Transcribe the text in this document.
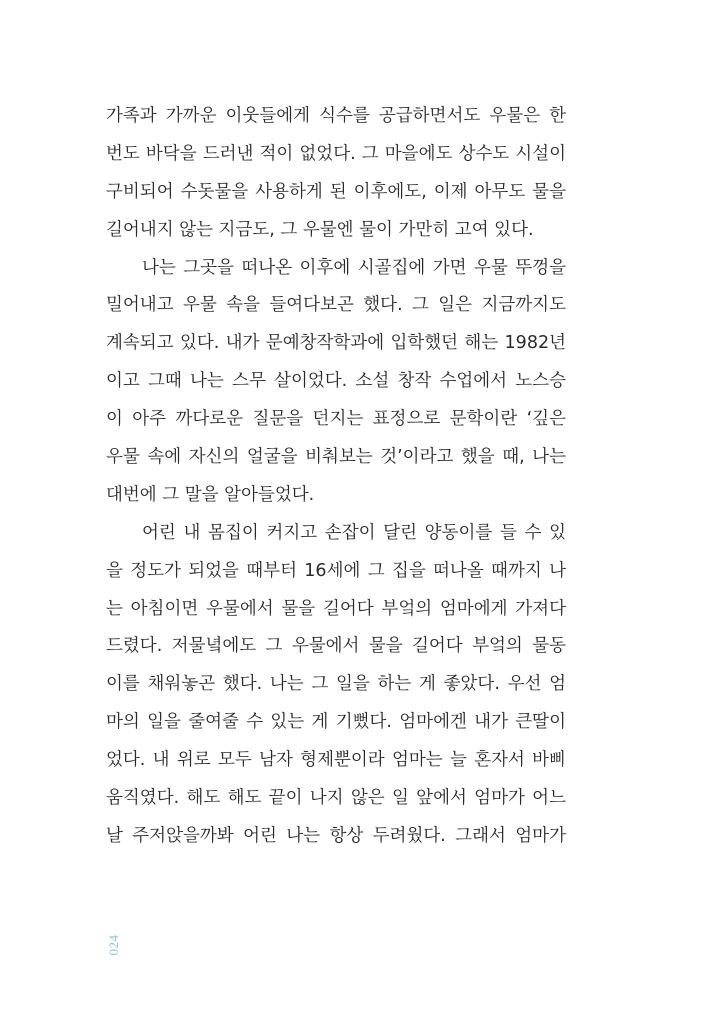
가족과 가까운 이웃들에게 식수를 공급하면서도 우물은 한
번도 바닥을 드러낸 적이 없었다. 그 마을에도 상수도 시설이
구비되어 수돗물을 사용하게 된 이후에도, 이제 아무도 물을
길어내지 않는 지금도, 그 우물엔 물이 가만히 고여 있다.
나는 그곳을 떠나온 이후에 시골집에 가면 우물 뚜껑을
밀어내고 우물 속을 들여다보곤 했다. 그 일은 지금까지도
계속되고 있다. 내가 문예창작학과에 입학했던 해는 1982년
이고 그때 나는 스무 살이었다. 소설 창작 수업에서 노스승
이 아주 까다로운 질문을 던지는 표정으로 문학이란 ‘깊은
우물 속에 자신의 얼굴을 비춰보는 것’이라고 했을 때, 나는
대번에 그 말을 알아들었다.
어린 내 몸집이 커지고 손잡이 달린 양동이를 들 수 있
을 정도가 되었을 때부터 16세에 그 집을 떠나올 때까지 나
는 아침이면 우물에서 물을 길어다 부엌의 엄마에게 가져다
드렸다. 저물녘에도 그 우물에서 물을 길어다 부엌의 물동
이를 채워놓곤 했다. 나는 그 일을 하는 게 좋았다. 우선 엄
마의 일을 줄여줄 수 있는 게 기뻤다. 엄마에겐 내가 큰딸이
었다. 내 위로 모두 남자 형제뿐이라 엄마는 늘 혼자서 바삐
움직였다. 해도 해도 끝이 나지 않은 일 앞에서 엄마가 어느
날 주저앉을까봐 어린 나는 항상 두려웠다. 그래서 엄마가
024
